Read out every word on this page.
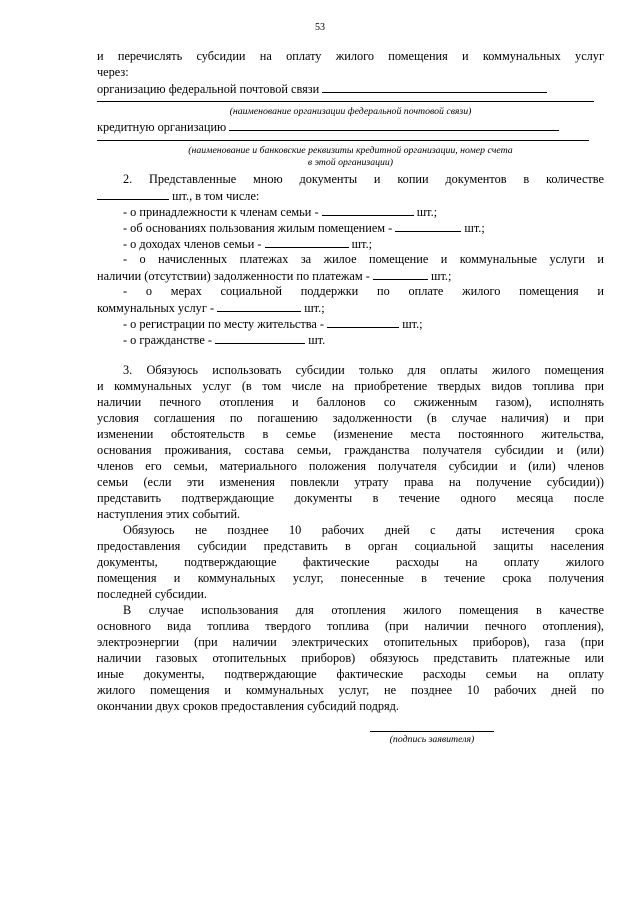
53
и перечислять субсидии на оплату жилого помещения и коммунальных услуг
через:
организацию федеральной почтовой связи
(наименование организации федеральной почтовой связи)
кредитную организацию
(наименование и банковские реквизиты кредитной организации, номер счета
в этой организации)
2. Представленные мною документы и копии документов в количестве
шт., в том числе:
- о принадлежности к членам семьи -	шт.;
- об основаниях пользования жилым помещением -	шт.;
- о доходах членов семьи -	шт.;
- о начисленных платежах за жилое помещение и коммунальные услуги и
наличии (отсутствии) задолженности по платежам -	шт.;
- о мерах социальной поддержки по оплате жилого помещения и
коммунальных услуг -	шт.;
- о регистрации по месту жительства -	шт.;
- о гражданстве -	шт.
3. Обязуюсь использовать субсидии только для оплаты жилого помещения
и коммунальных услуг (в том числе на приобретение твердых видов топлива при
наличии печного отопления и баллонов со сжиженным газом), исполнять
условия соглашения по погашению задолженности (в случае наличия) и при
изменении обстоятельств в семье (изменение места постоянного жительства,
основания проживания, состава семьи, гражданства получателя субсидии и (или)
членов его семьи, материального положения получателя субсидии и (или) членов
семьи (если эти изменения повлекли утрату права на получение субсидии))
представить подтверждающие документы в течение одного месяца после
наступления этих событий.
Обязуюсь не позднее 10 рабочих дней с даты истечения срока
предоставления субсидии представить в орган социальной защиты населения
документы, подтверждающие фактические расходы на оплату жилого
помещения и коммунальных услуг, понесенные в течение срока получения
последней субсидии.
В случае использования для отопления жилого помещения в качестве
основного вида топлива твердого топлива (при наличии печного отопления),
электроэнергии (при наличии электрических отопительных приборов), газа (при
наличии газовых отопительных приборов) обязуюсь представить платежные или
иные документы, подтверждающие фактические расходы семьи на оплату
жилого помещения и коммунальных услуг, не позднее 10 рабочих дней по
окончании двух сроков предоставления субсидий подряд.
(подпись заявителя)
